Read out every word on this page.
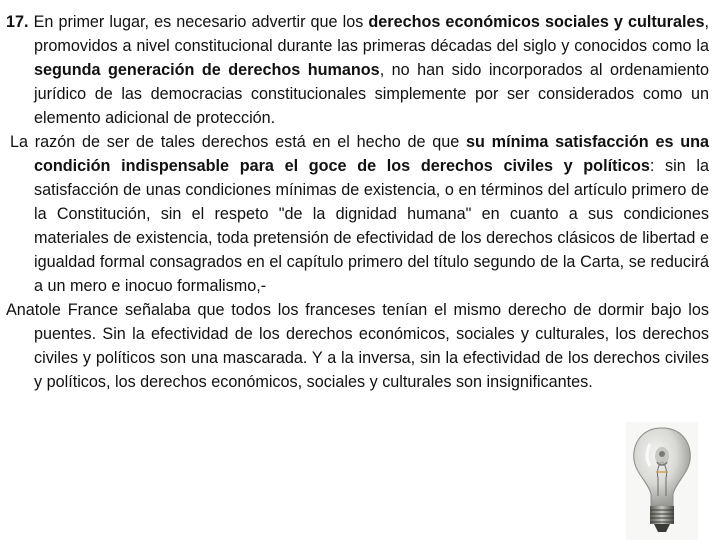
17. En primer lugar, es necesario advertir que los derechos económicos sociales y culturales, promovidos a nivel constitucional durante las primeras décadas del siglo y conocidos como la segunda generación de derechos humanos, no han sido incorporados al ordenamiento jurídico de las democracias constitucionales simplemente por ser considerados como un elemento adicional de protección.

La razón de ser de tales derechos está en el hecho de que su mínima satisfacción es una condición indispensable para el goce de los derechos civiles y políticos: sin la satisfacción de unas condiciones mínimas de existencia, o en términos del artículo primero de la Constitución, sin el respeto "de la dignidad humana" en cuanto a sus condiciones materiales de existencia, toda pretensión de efectividad de los derechos clásicos de libertad e igualdad formal consagrados en el capítulo primero del título segundo de la Carta, se reducirá a un mero e inocuo formalismo,-

Anatole France señalaba que todos los franceses tenían el mismo derecho de dormir bajo los puentes. Sin la efectividad de los derechos económicos, sociales y culturales, los derechos civiles y políticos son una mascarada. Y a la inversa, sin la efectividad de los derechos civiles y políticos, los derechos económicos, sociales y culturales son insignificantes.
